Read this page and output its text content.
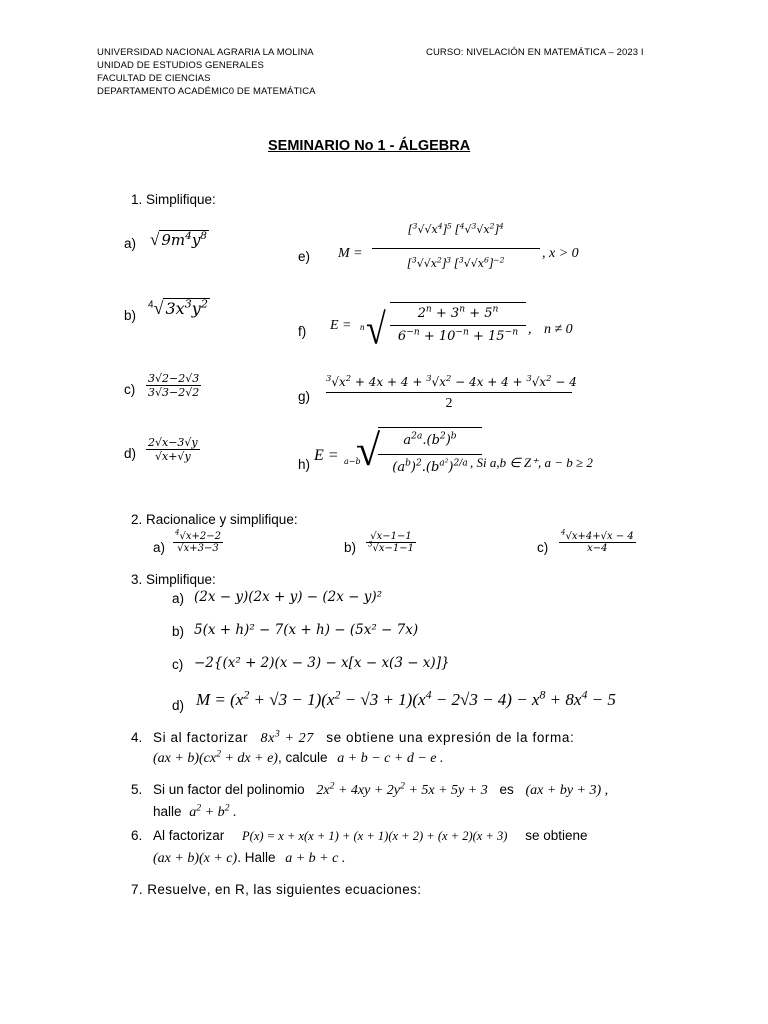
UNIVERSIDAD NACIONAL AGRARIA LA MOLINA
UNIDAD DE ESTUDIOS GENERALES
FACULTAD DE CIENCIAS
DEPARTAMENTO ACADÉMIC0 DE MATEMÁTICA
CURSO: NIVELACIÓN EN MATEMÁTICA – 2023 I
SEMINARIO No 1 - ÁLGEBRA
1. Simplifique:
a) √ $9m^4y^8$
b)
$^4$√ $3x^3y^2$
$c) \frac{3√2-2√3}{3√3-2√2}$
$d) \frac{2√x-3√y}{√x+√y}$
e) M =
$[^3√√x^4]^5$ $[^4√^3√x^2]^4$
$[^3√√x^2]^3$ $[^3√√x^6]^{-2}$	, x > 0
f) E = n √	$2^n + 3^n + 5^n$
$6^{-n} + 10^{-n} + 15^{-n}$ , n ≠ 0
g)
$^3√x^2 + 4x + 4 + ^3√x^2 - 4x + 4 + ^3√x^2 - 4$
2
h)
E = a−b
√	$a^{2a}.(b^2)^b$
$(a^b)^2.(b^{a^2})^{2/a}$ , Si a,b ∈ Z⁺, a − b ≥ 2
2. Racionalice y simplifique:
$a) \frac{^4√x+2-2}{√x+3-3}$	$b) \frac{√x-1-1}{^3√x-1-1}$	$c) \frac{^4√x+4+√x - 4}{x-4}$
3. Simplifique:
a) (2x − y)(2x + y) − (2x − y)²
b) 5(x + h)² − 7(x + h) − (5x² − 7x)
c) −2{(x² + 2)(x − 3) − x[x − x(3 − x)]}
d) $M = (x^2 + √3 - 1)(x^2 - √3 + 1)(x^4 - 2√3 - 4) - x^8 + 8x^4 - 5$
4. Si al factorizar $8x^3 + 27$ se obtiene una expresión de la forma:
$(ax + b)(cx^2$ + dx + e), calcule a + b − c + d − e .
5. Si un factor del polinomio $2x^2 + 4xy + 2y^2 + 5x + 5y + 3$ es (ax + by + 3) ,
halle $a^2 + b^2$ .
6. Al factorizar P(x) = x + x(x + 1) + (x + 1)(x + 2) + (x + 2)(x + 3) se obtiene
(ax + b)(x + c). Halle a + b + c .
7. Resuelve, en R, las siguientes ecuaciones:
